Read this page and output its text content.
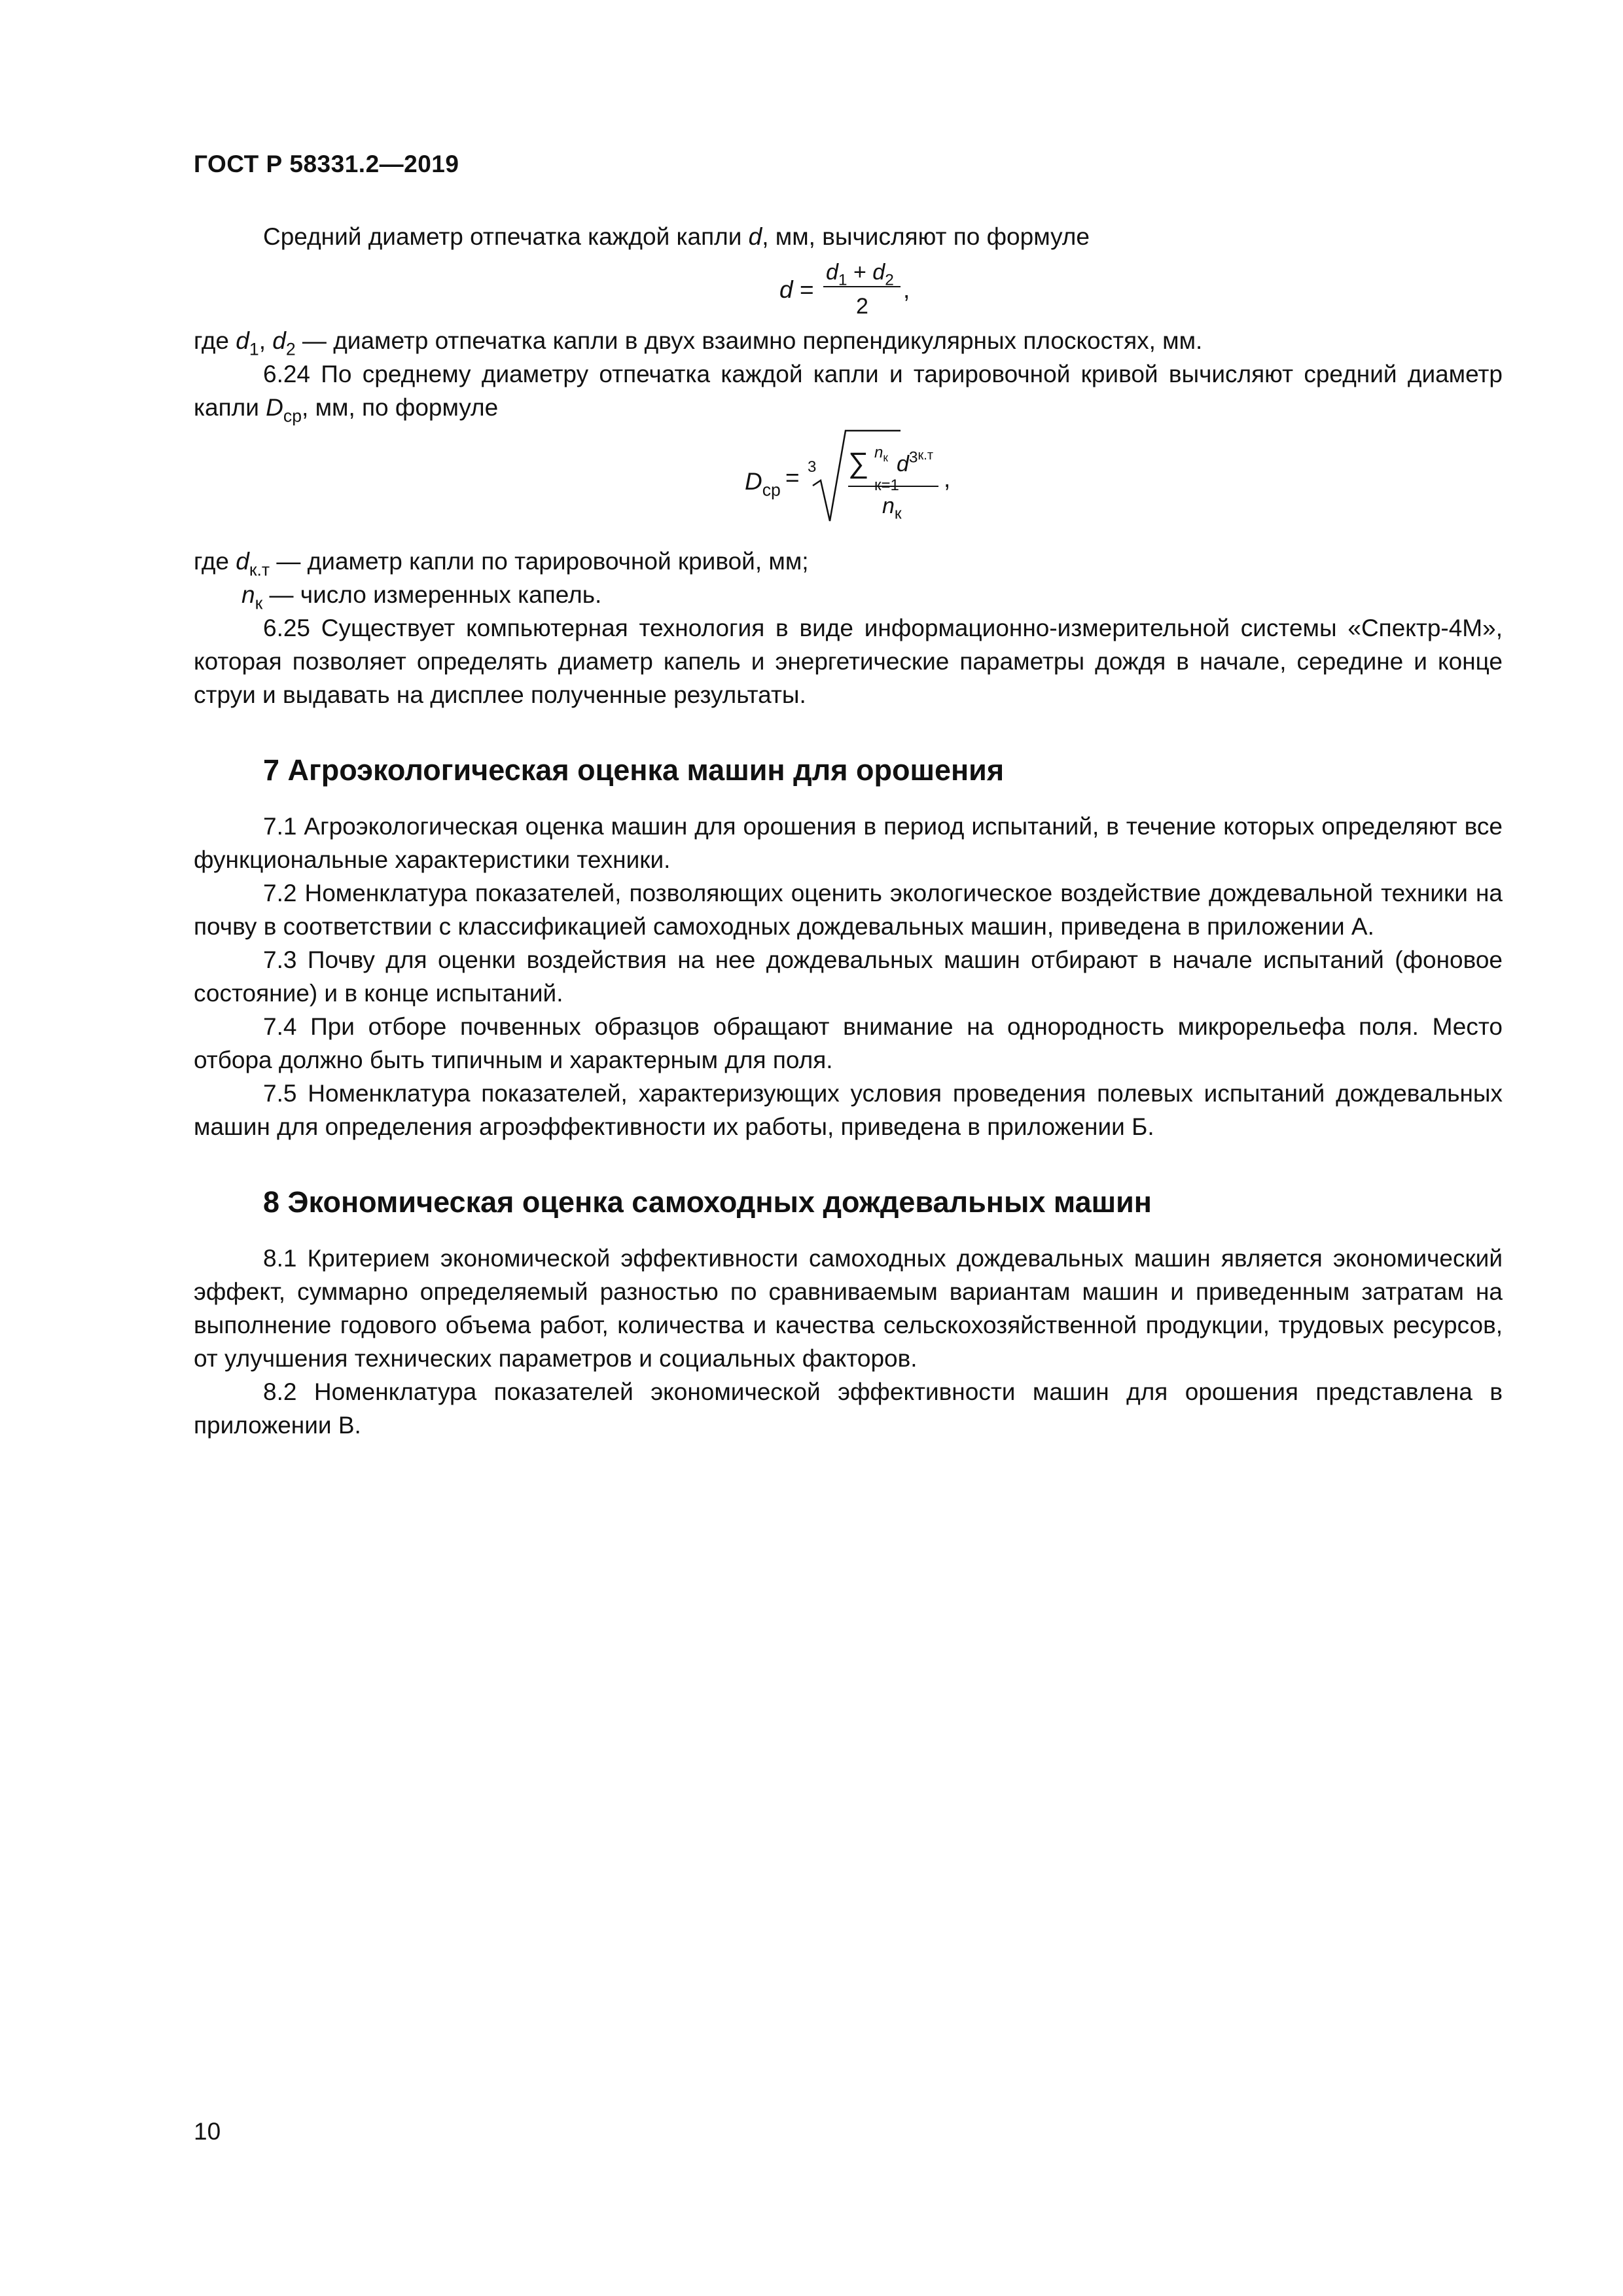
ГОСТ Р 58331.2—2019

Средний диаметр отпечатка каждой капли d, мм, вычисляют по формуле

d =
$d_1 + d_2$
2
,

где $d_1$, $d_2$ — диаметр отпечатка капли в двух взаимно перпендикулярных плоскостях, мм.

6.24 По среднему диаметру отпечатка каждой капли и тарировочной кривой вычисляют средний диаметр капли $D_{ср}$, мм, по формуле

$D_{ср} = 3$ ∑ $n_к$
к=1
$d^{3к.т}$
$n_к$
,

где $d_{к.т}$ — диаметр капли по тарировочной кривой, мм;

$n_к$ — число измеренных капель.

6.25 Существует компьютерная технология в виде информационно-измерительной системы «Спектр-4М», которая позволяет определять диаметр капель и энергетические параметры дождя в начале, середине и конце струи и выдавать на дисплее полученные результаты.

7 Агроэкологическая оценка машин для орошения

7.1 Агроэкологическая оценка машин для орошения в период испытаний, в течение которых определяют все функциональные характеристики техники.

7.2 Номенклатура показателей, позволяющих оценить экологическое воздействие дождевальной техники на почву в соответствии с классификацией самоходных дождевальных машин, приведена в приложении А.

7.3 Почву для оценки воздействия на нее дождевальных машин отбирают в начале испытаний (фоновое состояние) и в конце испытаний.

7.4 При отборе почвенных образцов обращают внимание на однородность микрорельефа поля. Место отбора должно быть типичным и характерным для поля.

7.5 Номенклатура показателей, характеризующих условия проведения полевых испытаний дождевальных машин для определения агроэффективности их работы, приведена в приложении Б.

8 Экономическая оценка самоходных дождевальных машин

8.1 Критерием экономической эффективности самоходных дождевальных машин является экономический эффект, суммарно определяемый разностью по сравниваемым вариантам машин и приведенным затратам на выполнение годового объема работ, количества и качества сельскохозяйственной продукции, трудовых ресурсов, от улучшения технических параметров и социальных факторов.

8.2 Номенклатура показателей экономической эффективности машин для орошения представлена в приложении В.

10
